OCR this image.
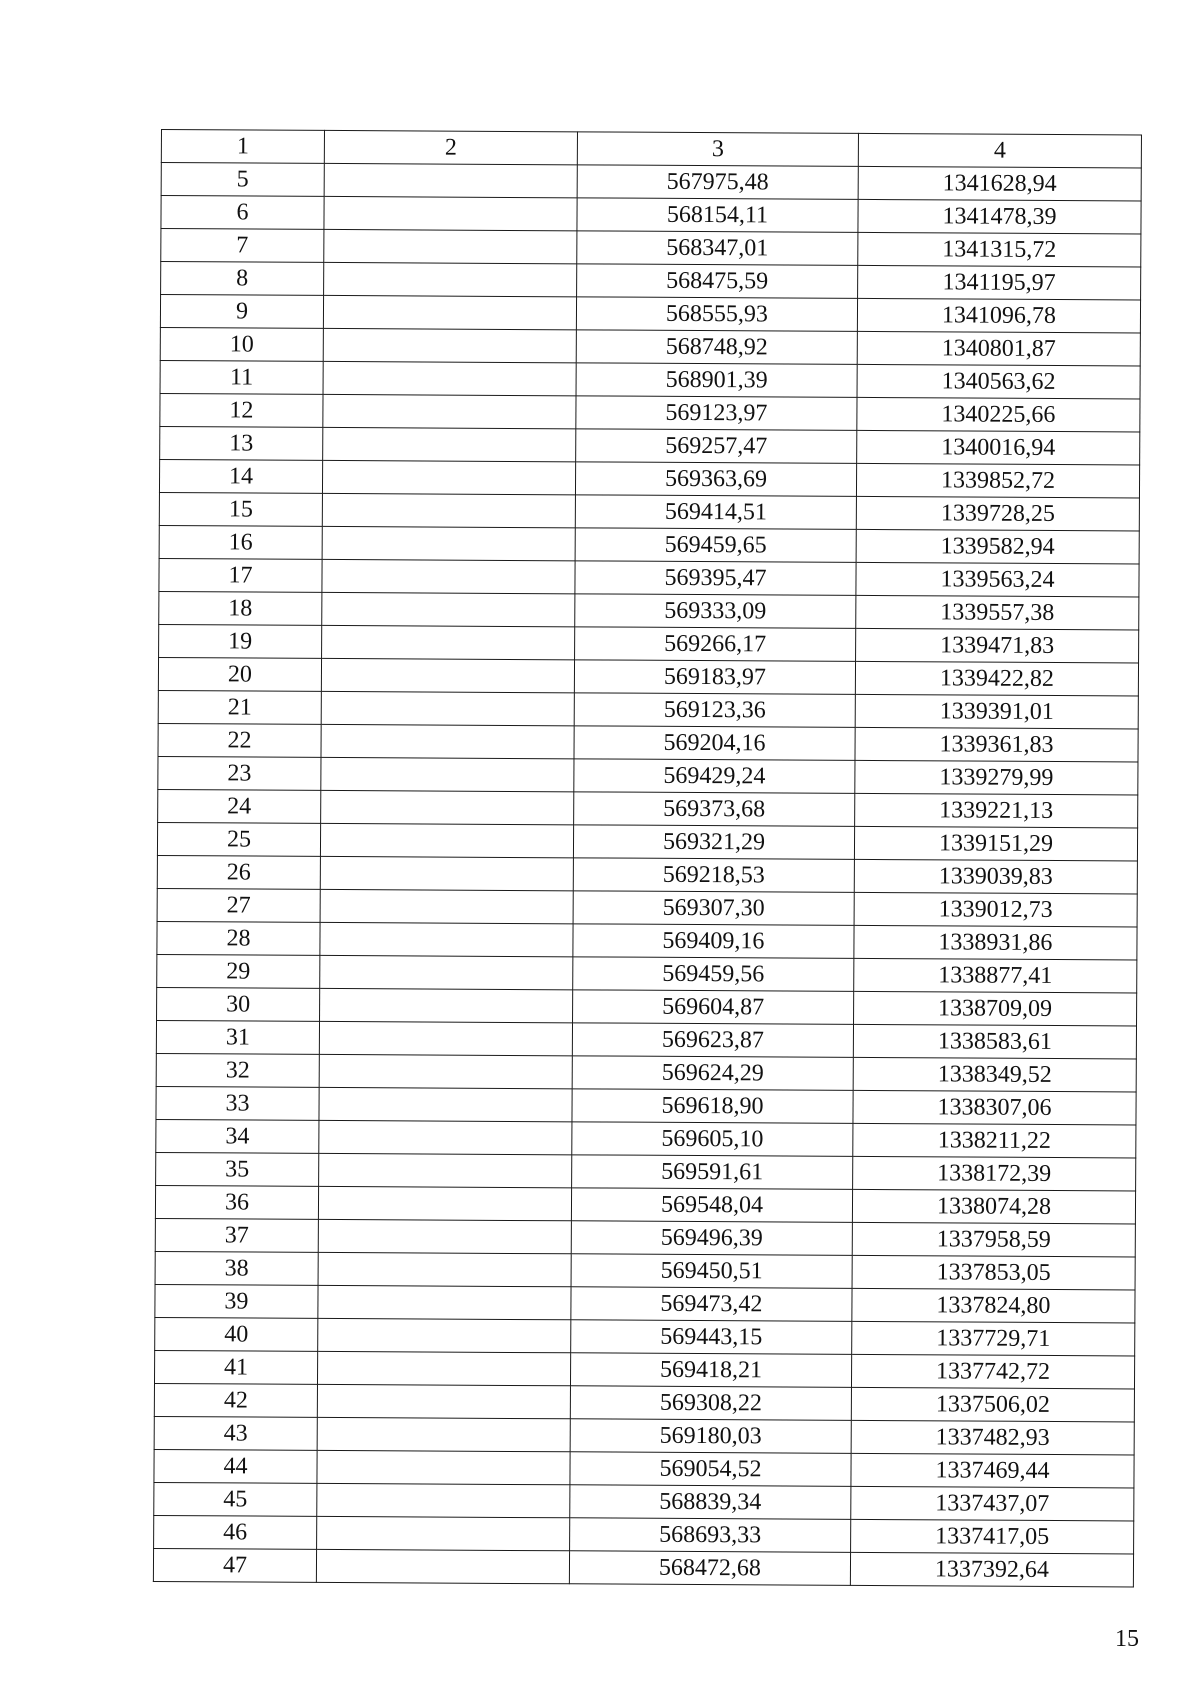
1	2	3	4
5		567975,48	1341628,94
6		568154,11	1341478,39
7		568347,01	1341315,72
8		568475,59	1341195,97
9		568555,93	1341096,78
10		568748,92	1340801,87
11		568901,39	1340563,62
12		569123,97	1340225,66
13		569257,47	1340016,94
14		569363,69	1339852,72
15		569414,51	1339728,25
16		569459,65	1339582,94
17		569395,47	1339563,24
18		569333,09	1339557,38
19		569266,17	1339471,83
20		569183,97	1339422,82
21		569123,36	1339391,01
22		569204,16	1339361,83
23		569429,24	1339279,99
24		569373,68	1339221,13
25		569321,29	1339151,29
26		569218,53	1339039,83
27		569307,30	1339012,73
28		569409,16	1338931,86
29		569459,56	1338877,41
30		569604,87	1338709,09
31		569623,87	1338583,61
32		569624,29	1338349,52
33		569618,90	1338307,06
34		569605,10	1338211,22
35		569591,61	1338172,39
36		569548,04	1338074,28
37		569496,39	1337958,59
38		569450,51	1337853,05
39		569473,42	1337824,80
40		569443,15	1337729,71
41		569418,21	1337742,72
42		569308,22	1337506,02
43		569180,03	1337482,93
44		569054,52	1337469,44
45		568839,34	1337437,07
46		568693,33	1337417,05
47		568472,68	1337392,64
15
